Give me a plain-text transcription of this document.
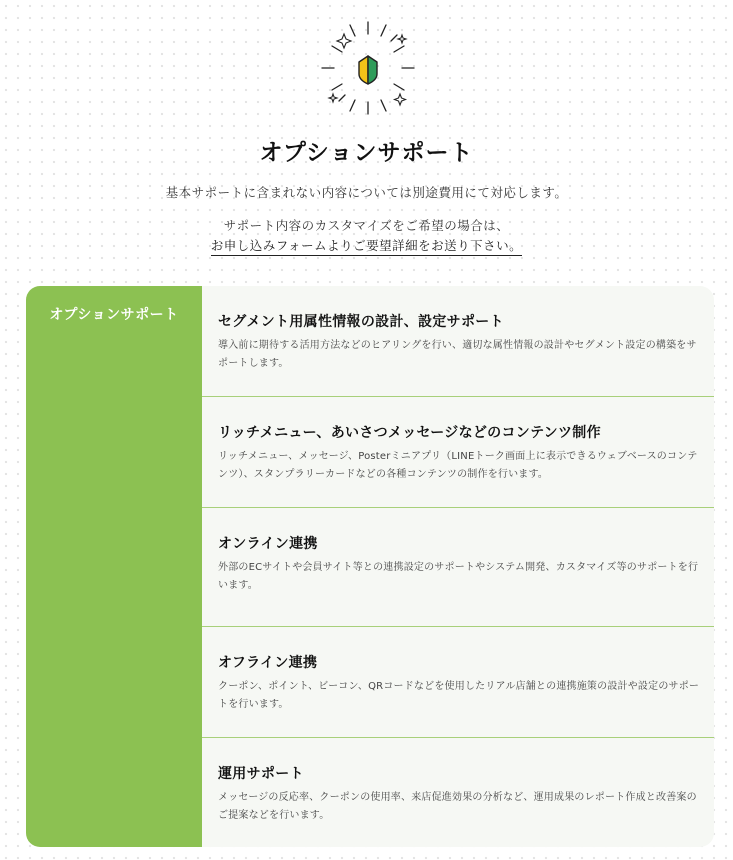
オプションサポート
基本サポートに含まれない内容については別途費用にて対応します。
サポート内容のカスタマイズをご希望の場合は、
お申し込みフォームよりご要望詳細をお送り下さい。
オプションサポート	セグメント用属性情報の設計、設定サポート
導入前に期待する活用方法などのヒアリングを行い、適切な属性情報の設計やセグメント設定の構築をサポートします。
リッチメニュー、あいさつメッセージなどのコンテンツ制作
リッチメニュー、メッセージ、Posterミニアプリ（LINEトーク画面上に表示できるウェブベースのコンテンツ）、スタンプラリーカードなどの各種コンテンツの制作を行います。
オンライン連携
外部のECサイトや会員サイト等との連携設定のサポートやシステム開発、カスタマイズ等のサポートを行います。
オフライン連携
クーポン、ポイント、ビーコン、QRコードなどを使用したリアル店舗との連携施策の設計や設定のサポートを行います。
運用サポート
メッセージの反応率、クーポンの使用率、来店促進効果の分析など、運用成果のレポート作成と改善案のご提案などを行います。
